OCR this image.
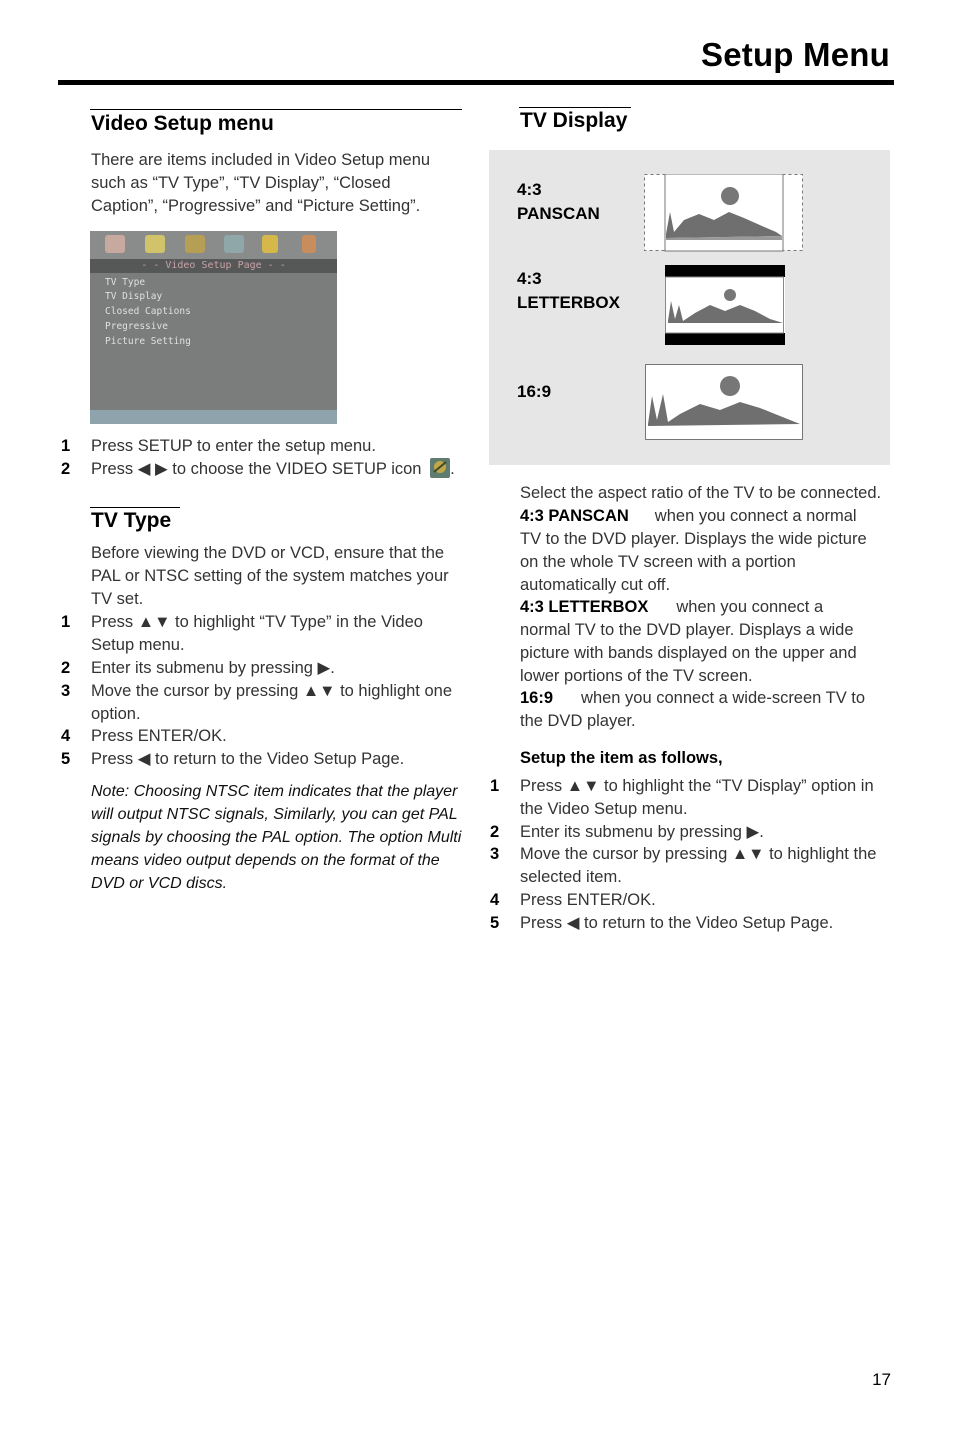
Setup Menu
Video Setup menu
There are items included in Video Setup menu
such as “TV Type”, “TV Display”, “Closed
Caption”, “Progressive” and “Picture Setting”.
- - Video Setup Page - -
TV Type
TV Display
Closed Captions
Pregressive
Picture Setting
1 Press SETUP to enter the setup menu.
2 Press ◀ ▶ to choose the VIDEO SETUP icon .
TV Type
Before viewing the DVD or VCD, ensure that the
PAL or NTSC setting of the system matches your
TV set.
1 Press ▲▼ to highlight “TV Type” in the Video
Setup menu.
2 Enter its submenu by pressing ▶.
3 Move the cursor by pressing ▲▼ to highlight one
option.
4 Press ENTER/OK.
5 Press ◀ to return to the Video Setup Page.
Note: Choosing NTSC item indicates that the player
will output NTSC signals, Similarly, you can get PAL
signals by choosing the PAL option. The option Multi
means video output depends on the format of the
DVD or VCD discs.
TV Display
4:3
PANSCAN
4:3
LETTERBOX
16:9
Select the aspect ratio of the TV to be connected.
4:3 PANSCAN when you connect a normal
TV to the DVD player. Displays the wide picture
on the whole TV screen with a portion
automatically cut off.
4:3 LETTERBOX when you connect a
normal TV to the DVD player. Displays a wide
picture with bands displayed on the upper and
lower portions of the TV screen.
16:9 when you connect a wide-screen TV to
the DVD player.
Setup the item as follows,
1 Press ▲▼ to highlight the “TV Display” option in
the Video Setup menu.
2 Enter its submenu by pressing ▶.
3 Move the cursor by pressing ▲▼ to highlight the
selected item.
4 Press ENTER/OK.
5 Press ◀ to return to the Video Setup Page.
17
